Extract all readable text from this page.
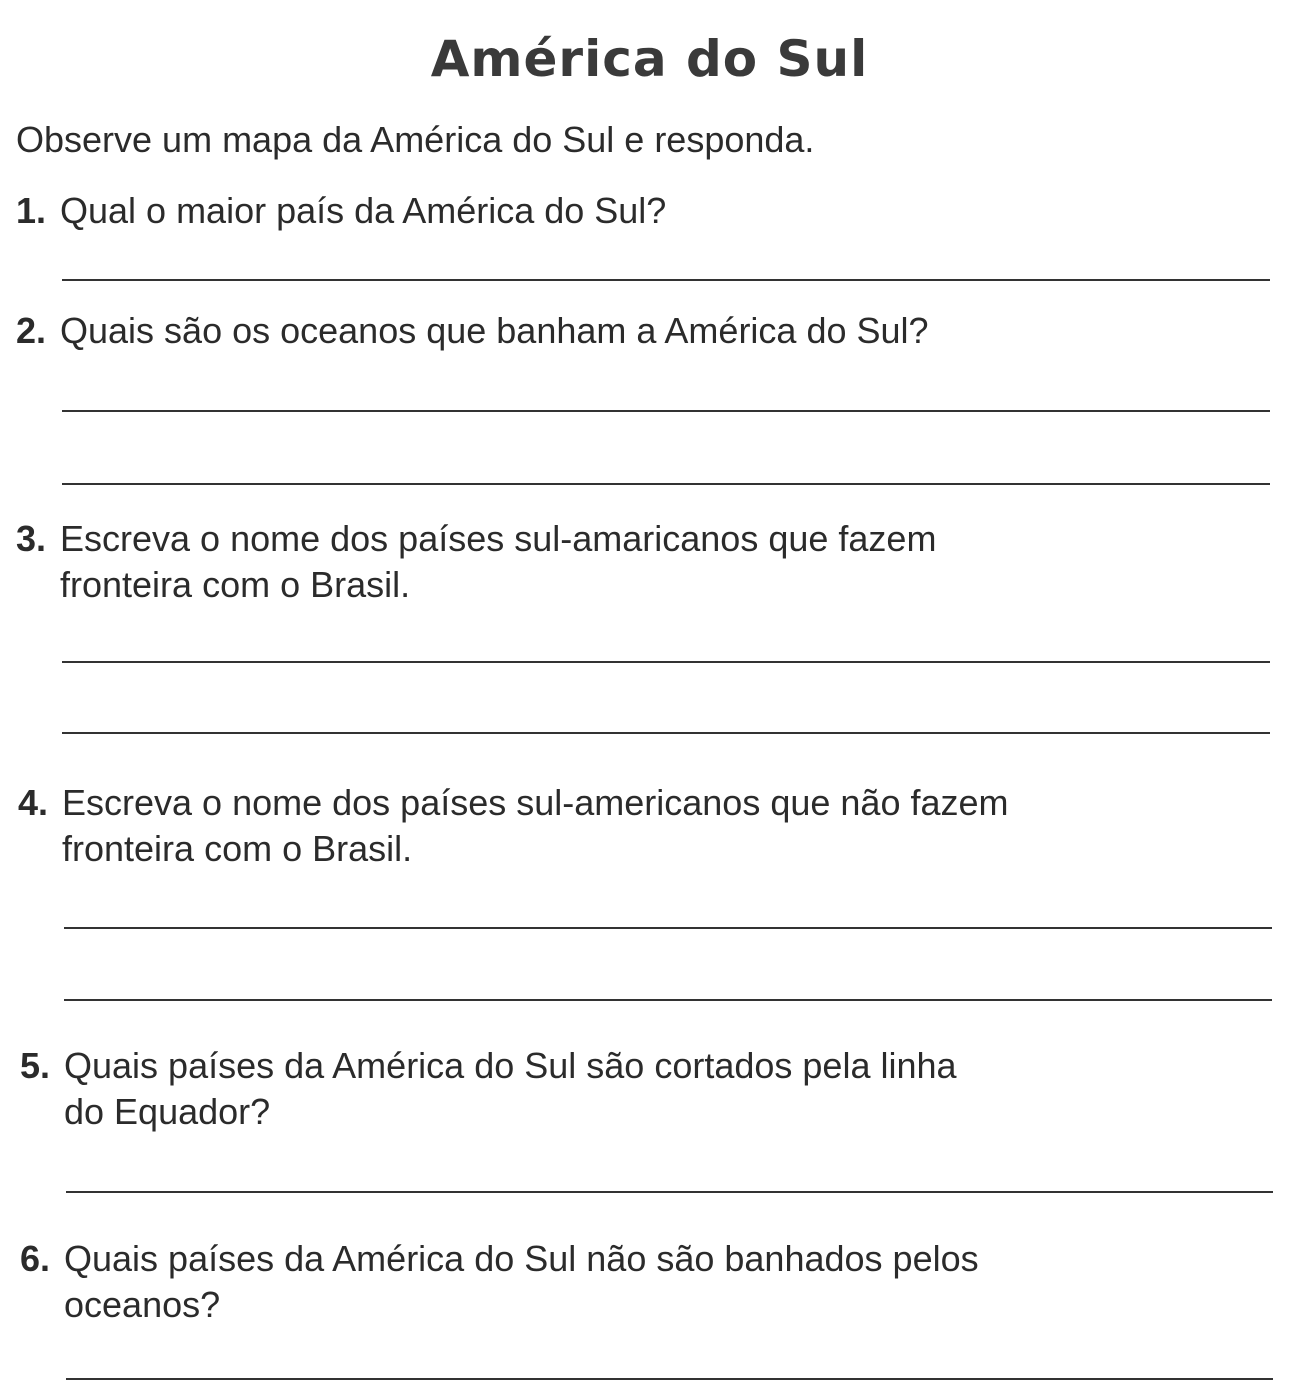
América do Sul
Observe um mapa da América do Sul e responda.
1. Qual o maior país da América do Sul?
2. Quais são os oceanos que banham a América do Sul?
3. Escreva o nome dos países sul-amaricanos que fazem
fronteira com o Brasil.
4. Escreva o nome dos países sul-americanos que não fazem
fronteira com o Brasil.
5. Quais países da América do Sul são cortados pela linha
do Equador?
6. Quais países da América do Sul não são banhados pelos
oceanos?
